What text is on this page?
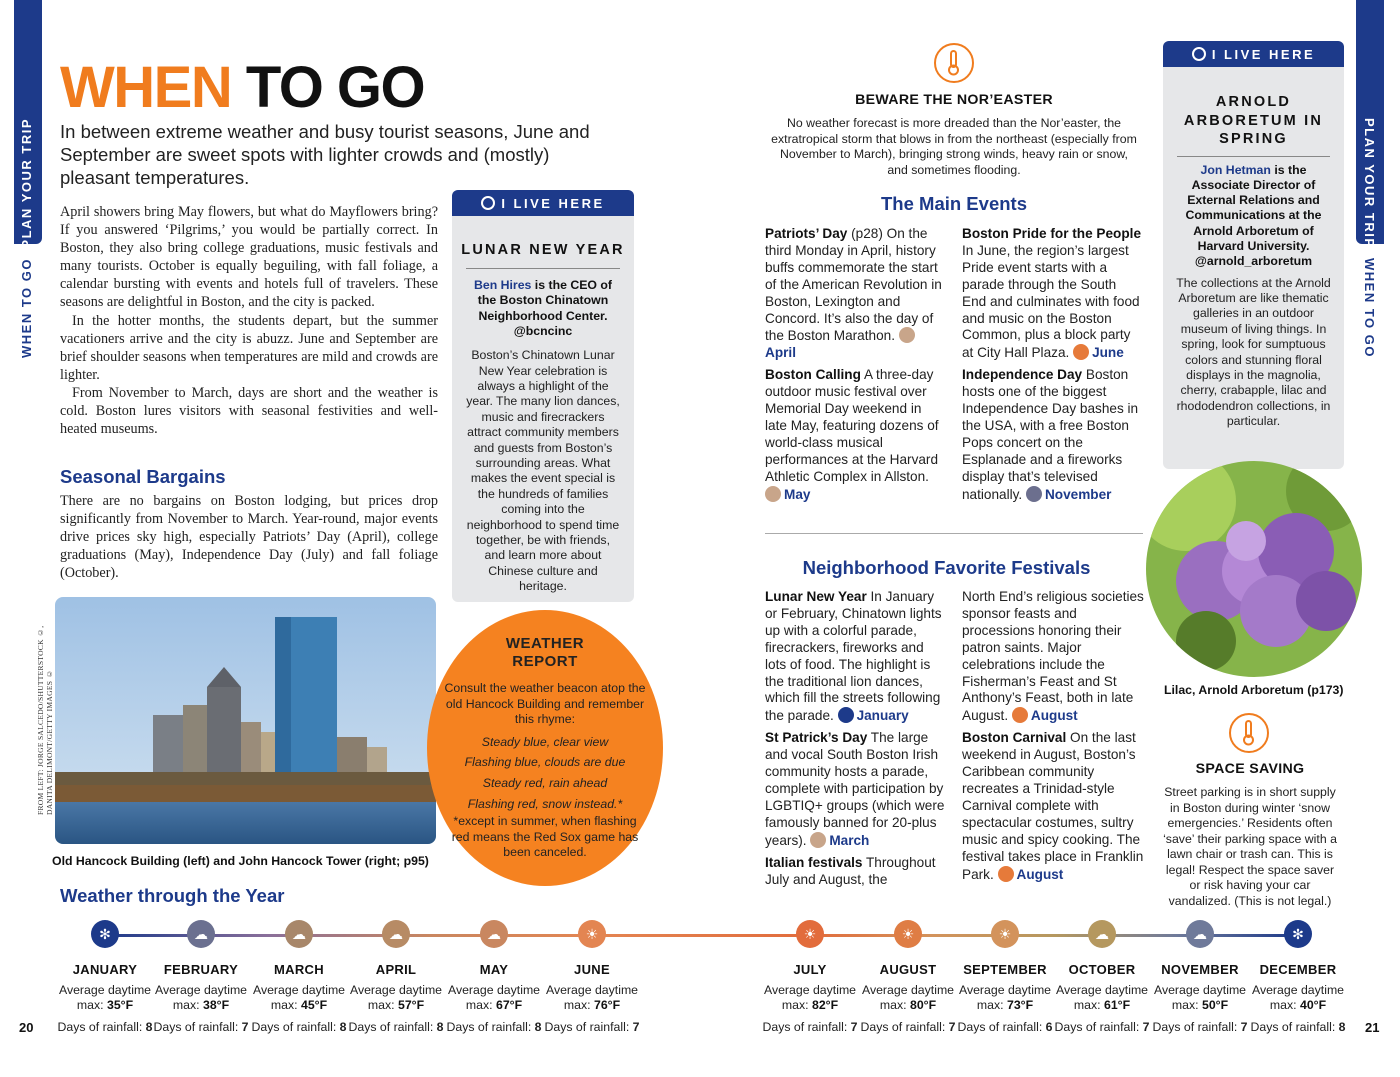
PLAN YOUR TRIP
WHEN TO GO
PLAN YOUR TRIP
WHEN TO GO
WHEN TO GO
In between extreme weather and busy tourist seasons, June and September are sweet spots with lighter crowds and (mostly) pleasant temperatures.

April showers bring May flowers, but what do Mayflowers bring? If you answered ‘Pilgrims,’ you would be partially correct. In Boston, they also bring college graduations, music festivals and many tourists. October is equally beguiling, with fall foliage, a calendar bursting with events and hotels full of travelers. These seasons are delightful in Boston, and the city is packed.

In the hotter months, the students depart, but the summer vacationers arrive and the city is abuzz. June and September are brief shoulder seasons when temperatures are mild and crowds are lighter.

From November to March, days are short and the weather is cold. Boston lures visitors with seasonal festivities and well-heated museums.

Seasonal Bargains
There are no bargains on Boston lodging, but prices drop significantly from November to March. Year-round, major events drive prices sky high, especially Patriots’ Day (April), college graduations (May), Independence Day (July) and fall foliage (October).
I LIVE HERE
LUNAR NEW YEAR
Ben Hires is the CEO of the Boston Chinatown Neighborhood Center. @bcncinc
Boston’s Chinatown Lunar New Year celebration is always a highlight of the year. The many lion dances, music and firecrackers attract community members and guests from Boston’s surrounding areas. What makes the event special is the hundreds of families coming into the neighborhood to spend time together, be with friends, and learn more about Chinese culture and heritage.
FROM LEFT: JORGE SALCEDO/SHUTTERSTOCK ©, DANITA DELIMONT/GETTY IMAGES ©
Old Hancock Building (left) and John Hancock Tower (right; p95)
WEATHER
REPORT
Consult the weather beacon atop the old Hancock Building and remember this rhyme:
Steady blue, clear view
Flashing blue, clouds are due
Steady red, rain ahead
Flashing red, snow instead.*
*except in summer, when flashing red means the Red Sox game has been canceled.
BEWARE THE NOR’EASTER
No weather forecast is more dreaded than the Nor’easter, the extratropical storm that blows in from the northeast (especially from November to March), bringing strong winds, heavy rain or snow, and sometimes flooding.
The Main Events
Patriots’ Day (p28) On the third Monday in April, history buffs commemorate the start of the American Revolution in Boston, Lexington and Concord. It’s also the day of the Boston Marathon. April
Boston Calling A three-day outdoor music festival over Memorial Day weekend in late May, featuring dozens of world-class musical performances at the Harvard Athletic Complex in Allston. May
Boston Pride for the People In June, the region’s largest Pride event starts with a parade through the South End and culminates with food and music on the Boston Common, plus a block party at City Hall Plaza. June
Independence Day Boston hosts one of the biggest Independence Day bashes in the USA, with a free Boston Pops concert on the Esplanade and a fireworks display that’s televised nationally. November
Neighborhood Favorite Festivals
Lunar New Year In January or February, Chinatown lights up with a colorful parade, firecrackers, fireworks and lots of food. The highlight is the traditional lion dances, which fill the streets following the parade. January
St Patrick’s Day The large and vocal South Boston Irish community hosts a parade, complete with participation by LGBTIQ+ groups (which were famously banned for 20-plus years). March
Italian festivals Throughout July and August, the
North End’s religious societies sponsor feasts and processions honoring their patron saints. Major celebrations include the Fisherman’s Feast and St Anthony’s Feast, both in late August. August
Boston Carnival On the last weekend in August, Boston’s Caribbean community recreates a Trinidad-style Carnival complete with spectacular costumes, sultry music and spicy cooking. The festival takes place in Franklin Park. August
I LIVE HERE
ARNOLD
ARBORETUM IN
SPRING
Jon Hetman is the Associate Director of External Relations and Communications at the Arnold Arboretum of Harvard University. @arnold_arboretum
The collections at the Arnold Arboretum are like thematic galleries in an outdoor museum of living things. In spring, look for sumptuous colors and stunning floral displays in the magnolia, cherry, crabapple, lilac and rhododendron collections, in particular.
Lilac, Arnold Arboretum (p173)
SPACE SAVING
Street parking is in short supply in Boston during winter ‘snow emergencies.’ Residents often ‘save’ their parking space with a lawn chair or trash can. This is legal! Respect the space saver or risk having your car vandalized. (This is not legal.)
Weather through the Year
✻
JANUARY
Average daytime max: 35°F
Days of rainfall: 8
☁
FEBRUARY
Average daytime max: 38°F
Days of rainfall: 7
☁
MARCH
Average daytime max: 45°F
Days of rainfall: 8
☁
APRIL
Average daytime max: 57°F
Days of rainfall: 8
☁
MAY
Average daytime max: 67°F
Days of rainfall: 8
☀
JUNE
Average daytime max: 76°F
Days of rainfall: 7
☀
JULY
Average daytime max: 82°F
Days of rainfall: 7
☀
AUGUST
Average daytime max: 80°F
Days of rainfall: 7
☀
SEPTEMBER
Average daytime max: 73°F
Days of rainfall: 6
☁
OCTOBER
Average daytime max: 61°F
Days of rainfall: 7
☁
NOVEMBER
Average daytime max: 50°F
Days of rainfall: 7
✻
DECEMBER
Average daytime max: 40°F
Days of rainfall: 8
20	21
